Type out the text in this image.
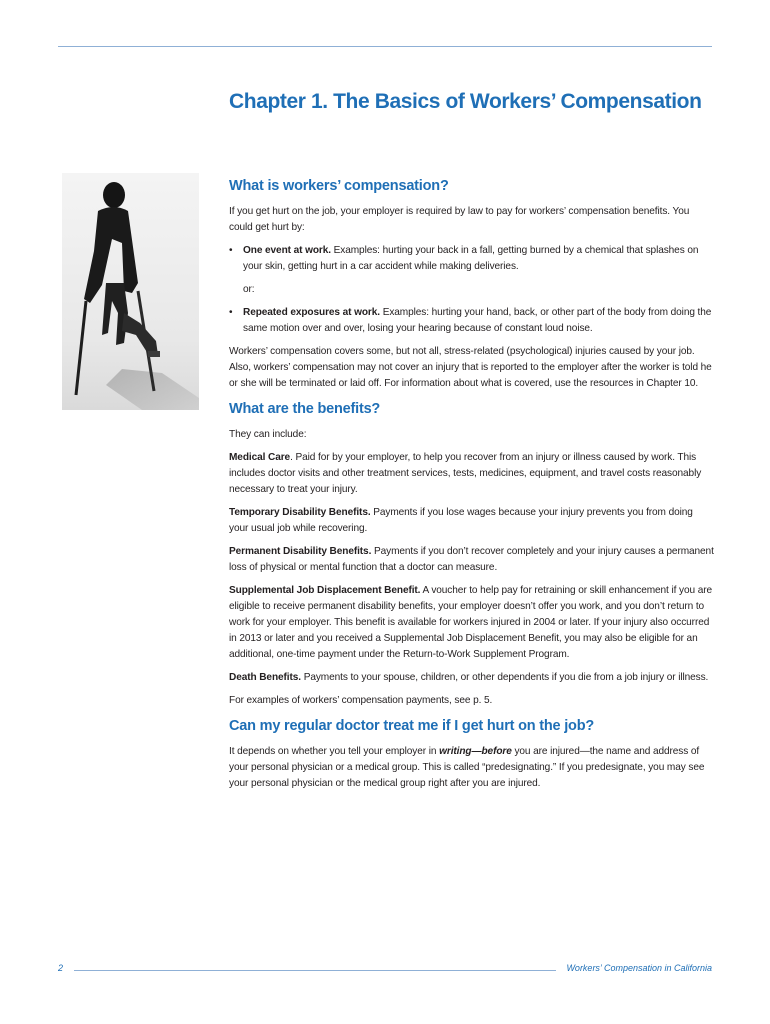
Chapter 1. The Basics of Workers’ Compensation
What is workers’ compensation?

If you get hurt on the job, your employer is required by law to pay for workers’ compensation benefits. You could get hurt by:

• One event at work. Examples: hurting your back in a fall, getting burned by a chemical that splashes on your skin, getting hurt in a car accident while making deliveries.

or:

• Repeated exposures at work. Examples: hurting your hand, back, or other part of the body from doing the same motion over and over, losing your hearing because of constant loud noise.

Workers’ compensation covers some, but not all, stress-related (psychological) injuries caused by your job. Also, workers’ compensation may not cover an injury that is reported to the employer after the worker is told he or she will be terminated or laid off. For information about what is covered, use the resources in Chapter 10.

What are the benefits?

They can include:

Medical Care. Paid for by your employer, to help you recover from an injury or illness caused by work. This includes doctor visits and other treatment services, tests, medicines, equipment, and travel costs reasonably necessary to treat your injury.

Temporary Disability Benefits. Payments if you lose wages because your injury prevents you from doing your usual job while recovering.

Permanent Disability Benefits. Payments if you don’t recover completely and your injury causes a permanent loss of physical or mental function that a doctor can measure.

Supplemental Job Displacement Benefit. A voucher to help pay for retraining or skill enhancement if you are eligible to receive permanent disability benefits, your employer doesn’t offer you work, and you don’t return to work for your employer. This benefit is available for workers injured in 2004 or later. If your injury also occurred in 2013 or later and you received a Supplemental Job Displacement Benefit, you may also be eligible for an additional, one-time payment under the Return-to-Work Supplement Program.

Death Benefits. Payments to your spouse, children, or other dependents if you die from a job injury or illness.

For examples of workers’ compensation payments, see p. 5.

Can my regular doctor treat me if I get hurt on the job?

It depends on whether you tell your employer in writing—before you are injured—the name and address of your personal physician or a medical group. This is called “predesignating.” If you predesignate, you may see your personal physician or the medical group right after you are injured.

2	Workers’ Compensation in California
